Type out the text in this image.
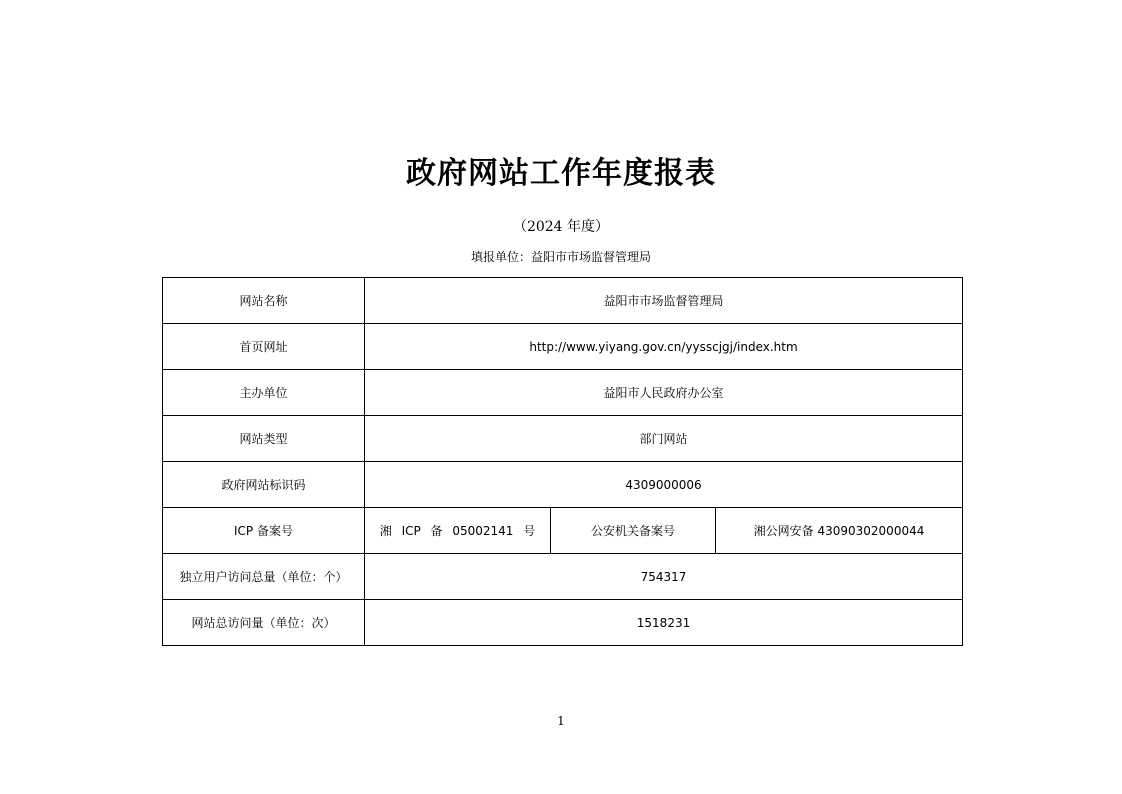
政府网站工作年度报表
（2024 年度）
填报单位：益阳市市场监督管理局
网站名称	益阳市市场监督管理局		
首页网址	http://www.yiyang.gov.cn/yysscjgj/index.htm		
主办单位	益阳市人民政府办公室		
网站类型	部门网站		
政府网站标识码	4309000006		
ICP 备案号	湘 ICP 备 05002141 号	公安机关备案号	湘公网安备 43090302000044
独立用户访问总量（单位：个）	754317		
网站总访问量（单位：次）	1518231		
1
